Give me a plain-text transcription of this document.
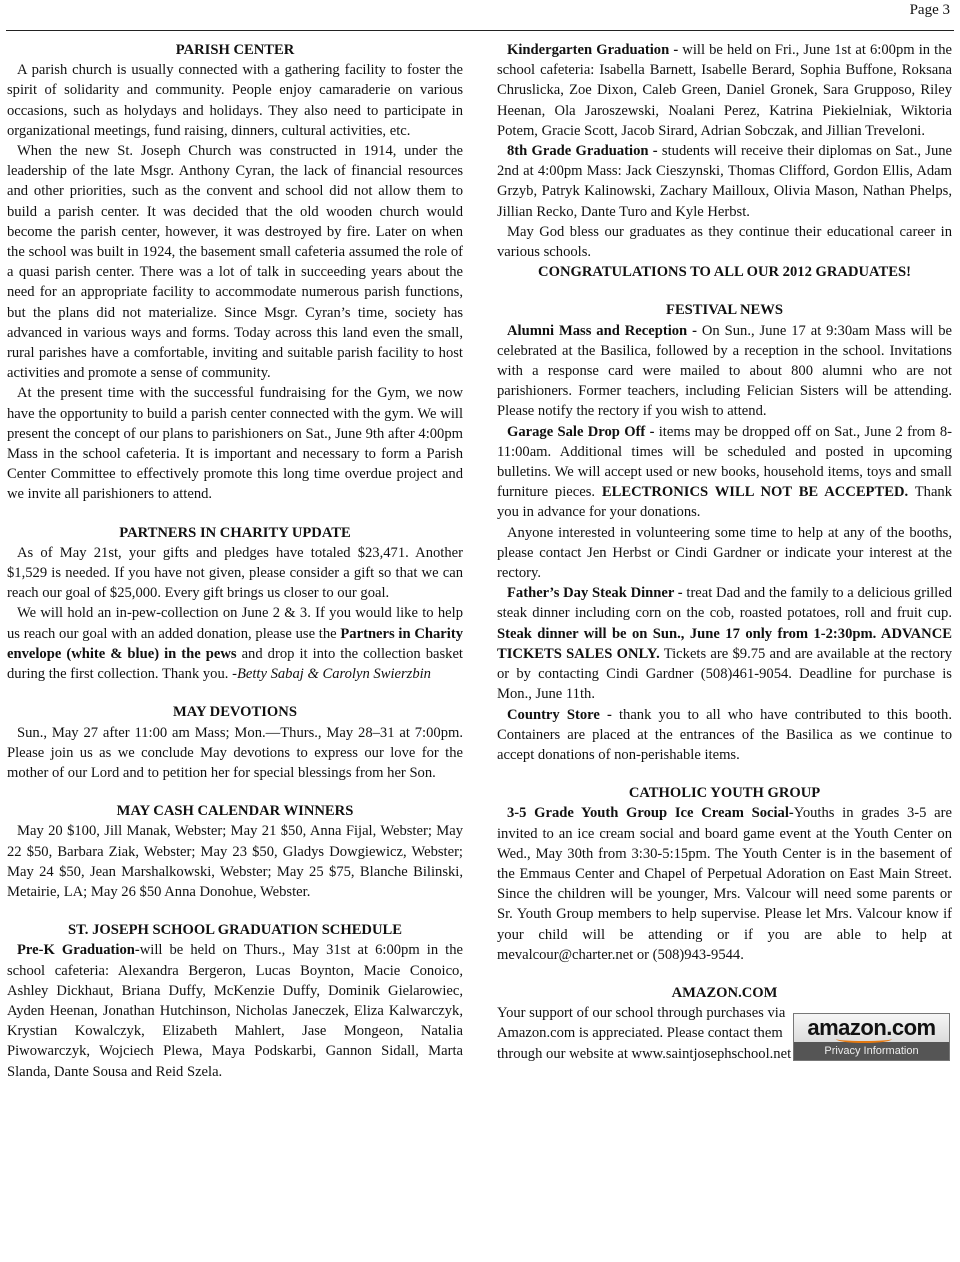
Page 3
PARISH CENTER

A parish church is usually connected with a gathering facility to foster the spirit of solidarity and community. People enjoy camaraderie on various occasions, such as holydays and holidays. They also need to participate in organizational meetings, fund raising, dinners, cultural activities, etc.

When the new St. Joseph Church was constructed in 1914, under the leadership of the late Msgr. Anthony Cyran, the lack of financial resources and other priorities, such as the convent and school did not allow them to build a parish center. It was decided that the old wooden church would become the parish center, however, it was destroyed by fire. Later on when the school was built in 1924, the basement small cafeteria assumed the role of a quasi parish center. There was a lot of talk in succeeding years about the need for an appropriate facility to accommodate numerous parish functions, but the plans did not materialize. Since Msgr. Cyran’s time, society has advanced in various ways and forms. Today across this land even the small, rural parishes have a comfortable, inviting and suitable parish facility to host activities and promote a sense of community.

At the present time with the successful fundraising for the Gym, we now have the opportunity to build a parish center connected with the gym. We will present the concept of our plans to parishioners on Sat., June 9th after 4:00pm Mass in the school cafeteria. It is important and necessary to form a Parish Center Committee to effectively promote this long time overdue project and we invite all parishioners to attend.

PARTNERS IN CHARITY UPDATE

As of May 21st, your gifts and pledges have totaled $23,471. Another $1,529 is needed. If you have not given, please consider a gift so that we can reach our goal of $25,000. Every gift brings us closer to our goal.

We will hold an in-pew-collection on June 2 & 3. If you would like to help us reach our goal with an added donation, please use the Partners in Charity envelope (white & blue) in the pews and drop it into the collection basket during the first collection. Thank you. -Betty Sabaj & Carolyn Swierzbin

MAY DEVOTIONS

Sun., May 27 after 11:00 am Mass; Mon.—Thurs., May 28–31 at 7:00pm. Please join us as we conclude May devotions to express our love for the mother of our Lord and to petition her for special blessings from her Son.

MAY CASH CALENDAR WINNERS

May 20 $100, Jill Manak, Webster; May 21 $50, Anna Fijal, Webster; May 22 $50, Barbara Ziak, Webster; May 23 $50, Gladys Dowgiewicz, Webster; May 24 $50, Jean Marshalkowski, Webster; May 25 $75, Blanche Bilinski, Metairie, LA; May 26 $50 Anna Donohue, Webster.

ST. JOSEPH SCHOOL GRADUATION SCHEDULE

Pre-K Graduation-will be held on Thurs., May 31st at 6:00pm in the school cafeteria: Alexandra Bergeron, Lucas Boynton, Macie Conoico, Ashley Dickhaut, Briana Duffy, McKenzie Duffy, Dominik Gielarowiec, Ayden Heenan, Jonathan Hutchinson, Nicholas Janeczek, Eliza Kalwarczyk, Krystian Kowalczyk, Elizabeth Mahlert, Jase Mongeon, Natalia Piwowarczyk, Wojciech Plewa, Maya Podskarbi, Gannon Sidall, Marta Slanda, Dante Sousa and Reid Szela.

Kindergarten Graduation - will be held on Fri., June 1st at 6:00pm in the school cafeteria: Isabella Barnett, Isabelle Berard, Sophia Buffone, Roksana Chruslicka, Zoe Dixon, Caleb Green, Daniel Gronek, Sara Grupposo, Riley Heenan, Ola Jaroszewski, Noalani Perez, Katrina Piekielniak, Wiktoria Potem, Gracie Scott, Jacob Sirard, Adrian Sobczak, and Jillian Treveloni.

8th Grade Graduation - students will receive their diplomas on Sat., June 2nd at 4:00pm Mass: Jack Cieszynski, Thomas Clifford, Gordon Ellis, Adam Grzyb, Patryk Kalinowski, Zachary Mailloux, Olivia Mason, Nathan Phelps, Jillian Recko, Dante Turo and Kyle Herbst.

May God bless our graduates as they continue their educational career in various schools.

CONGRATULATIONS TO ALL OUR 2012 GRADUATES!

FESTIVAL NEWS

Alumni Mass and Reception - On Sun., June 17 at 9:30am Mass will be celebrated at the Basilica, followed by a reception in the school. Invitations with a response card were mailed to about 800 alumni who are not parishioners. Former teachers, including Felician Sisters will be attending. Please notify the rectory if you wish to attend.

Garage Sale Drop Off - items may be dropped off on Sat., June 2 from 8-11:00am. Additional times will be scheduled and posted in upcoming bulletins. We will accept used or new books, household items, toys and small furniture pieces. ELECTRONICS WILL NOT BE ACCEPTED. Thank you in advance for your donations.

Anyone interested in volunteering some time to help at any of the booths, please contact Jen Herbst or Cindi Gardner or indicate your interest at the rectory.

Father’s Day Steak Dinner - treat Dad and the family to a delicious grilled steak dinner including corn on the cob, roasted potatoes, roll and fruit cup. Steak dinner will be on Sun., June 17 only from 1-2:30pm. ADVANCE TICKETS SALES ONLY. Tickets are $9.75 and are available at the rectory or by contacting Cindi Gardner (508)461-9054. Deadline for purchase is Mon., June 11th.

Country Store - thank you to all who have contributed to this booth. Containers are placed at the entrances of the Basilica as we continue to accept donations of non-perishable items.

CATHOLIC YOUTH GROUP

3-5 Grade Youth Group Ice Cream Social-Youths in grades 3-5 are invited to an ice cream social and board game event at the Youth Center on Wed., May 30th from 3:30-5:15pm. The Youth Center is in the basement of the Emmaus Center and Chapel of Perpetual Adoration on East Main Street. Since the children will be younger, Mrs. Valcour will need some parents or Sr. Youth Group members to help supervise. Please let Mrs. Valcour know if your child will be attending or if you are able to help at mevalcour@charter.net or (508)943-9544.

AMAZON.COM

Your support of our school through purchases via Amazon.com is appreciated. Please contact them through our website at www.saintjosephschool.net

amazon.com
Privacy Information
